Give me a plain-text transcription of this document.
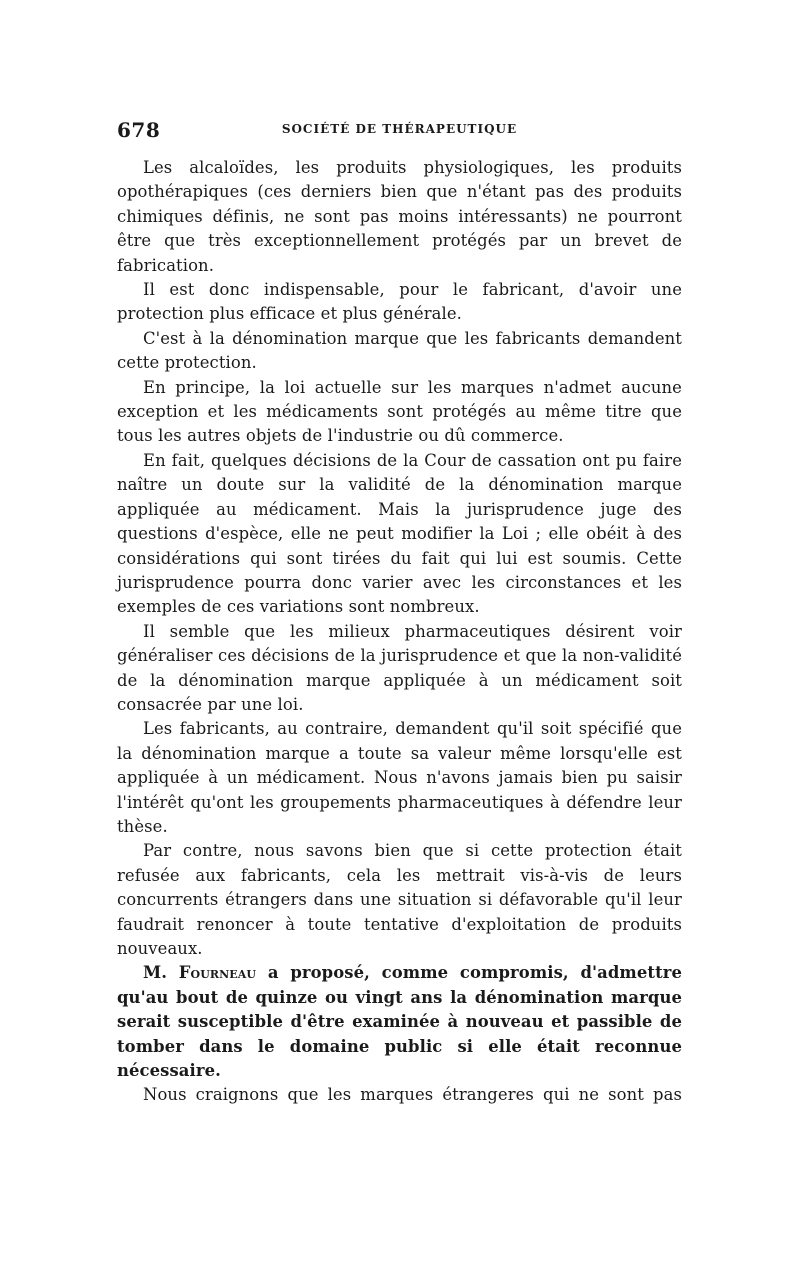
678	SOCIÉTÉ DE THÉRAPEUTIQUE

Les alcaloïdes, les produits physiologiques, les produits opothérapiques (ces derniers bien que n'étant pas des produits chimiques définis, ne sont pas moins intéressants) ne pourront être que très exceptionnellement protégés par un brevet de fabrication.

Il est donc indispensable, pour le fabricant, d'avoir une protection plus efficace et plus générale.

C'est à la dénomination marque que les fabricants demandent cette protection.

En principe, la loi actuelle sur les marques n'admet aucune exception et les médicaments sont protégés au même titre que tous les autres objets de l'industrie ou dû commerce.

En fait, quelques décisions de la Cour de cassation ont pu faire naître un doute sur la validité de la dénomination marque appliquée au médicament. Mais la jurisprudence juge des questions d'espèce, elle ne peut modifier la Loi ; elle obéit à des considérations qui sont tirées du fait qui lui est soumis. Cette jurisprudence pourra donc varier avec les circonstances et les exemples de ces variations sont nombreux.

Il semble que les milieux pharmaceutiques désirent voir généraliser ces décisions de la jurisprudence et que la non-validité de la dénomination marque appliquée à un médicament soit consacrée par une loi.

Les fabricants, au contraire, demandent qu'il soit spécifié que la dénomination marque a toute sa valeur même lorsqu'elle est appliquée à un médicament. Nous n'avons jamais bien pu saisir l'intérêt qu'ont les groupements pharmaceutiques à défendre leur thèse.

Par contre, nous savons bien que si cette protection était refusée aux fabricants, cela les mettrait vis-à-vis de leurs concurrents étrangers dans une situation si défavorable qu'il leur faudrait renoncer à toute tentative d'exploitation de produits nouveaux.

M. Fourneau a proposé, comme compromis, d'admettre qu'au bout de quinze ou vingt ans la dénomination marque serait susceptible d'être examinée à nouveau et passible de tomber dans le domaine public si elle était reconnue nécessaire.

Nous craignons que les marques étrangeres qui ne sont pas
